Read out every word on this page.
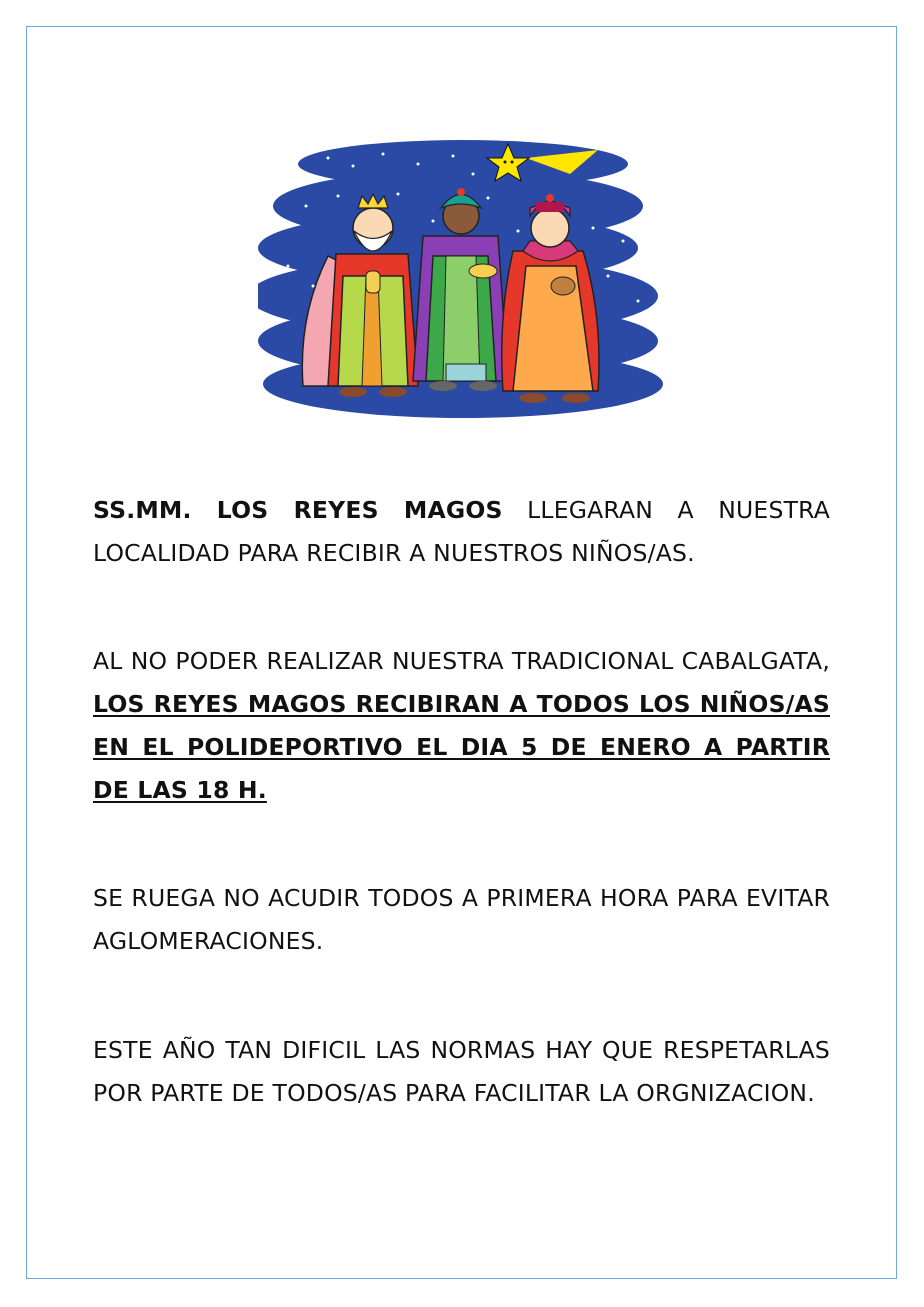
SS.MM. LOS REYES MAGOS LLEGARAN A NUESTRA LOCALIDAD PARA RECIBIR A NUESTROS NIÑOS/AS.
AL NO PODER REALIZAR NUESTRA TRADICIONAL CABALGATA, LOS REYES MAGOS RECIBIRAN A TODOS LOS NIÑOS/AS EN EL POLIDEPORTIVO EL DIA 5 DE ENERO A PARTIR DE LAS 18 H.
SE RUEGA NO ACUDIR TODOS A PRIMERA HORA PARA EVITAR AGLOMERACIONES.
ESTE AÑO TAN DIFICIL LAS NORMAS HAY QUE RESPETARLAS POR PARTE DE TODOS/AS PARA FACILITAR LA ORGNIZACION.
